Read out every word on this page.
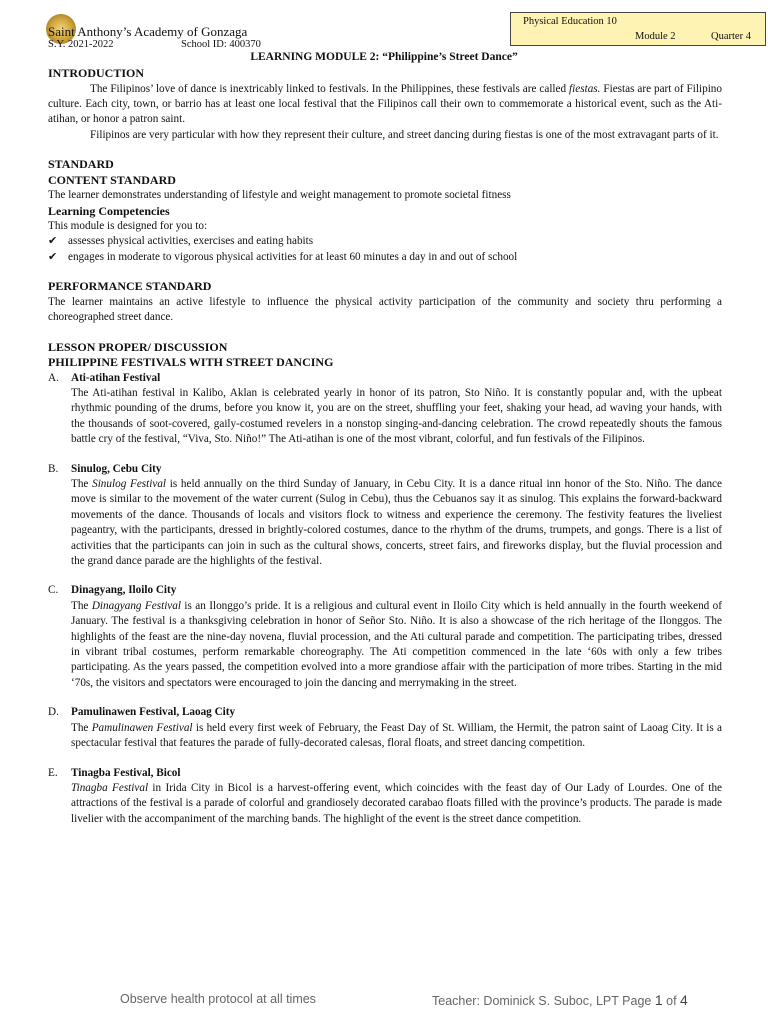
Saint Anthony’s Academy of Gonzaga
S.Y. 2021-2022	School ID: 400370
Physical Education 10
Module 2	Quarter 4
LEARNING MODULE 2: “Philippine’s Street Dance”

INTRODUCTION

The Filipinos’ love of dance is inextricably linked to festivals. In the Philippines, these festivals are called fiestas. Fiestas are part of Filipino culture. Each city, town, or barrio has at least one local festival that the Filipinos call their own to commemorate a historical event, such as the Ati-atihan, or honor a patron saint.

Filipinos are very particular with how they represent their culture, and street dancing during fiestas is one of the most extravagant parts of it.

STANDARD

CONTENT STANDARD

The learner demonstrates understanding of lifestyle and weight management to promote societal fitness

Learning Competencies

This module is designed for you to:

✔ assesses physical activities, exercises and eating habits
✔ engages in moderate to vigorous physical activities for at least 60 minutes a day in and out of school

PERFORMANCE STANDARD

The learner maintains an active lifestyle to influence the physical activity participation of the community and society thru performing a choreographed street dance.

LESSON PROPER/ DISCUSSION

PHILIPPINE FESTIVALS WITH STREET DANCING

A.	Ati-atihan Festival

The Ati-atihan festival in Kalibo, Aklan is celebrated yearly in honor of its patron, Sto Niño. It is constantly popular and, with the upbeat rhythmic pounding of the drums, before you know it, you are on the street, shuffling your feet, shaking your head, ad waving your hands, with the thousands of soot-covered, gaily-costumed revelers in a nonstop singing-and-dancing celebration. The crowd repeatedly shouts the famous battle cry of the festival, “Viva, Sto. Niño!” The Ati-atihan is one of the most vibrant, colorful, and fun festivals of the Filipinos.

B.	Sinulog, Cebu City

The Sinulog Festival is held annually on the third Sunday of January, in Cebu City. It is a dance ritual inn honor of the Sto. Niño. The dance move is similar to the movement of the water current (Sulog in Cebu), thus the Cebuanos say it as sinulog. This explains the forward-backward movements of the dance. Thousands of locals and visitors flock to witness and experience the ceremony. The festivity features the liveliest pageantry, with the participants, dressed in brightly-colored costumes, dance to the rhythm of the drums, trumpets, and gongs. There is a list of activities that the participants can join in such as the cultural shows, concerts, street fairs, and fireworks display, but the fluvial procession and the grand dance parade are the highlights of the festival.

C.	Dinagyang, Iloilo City

The Dinagyang Festival is an Ilonggo’s pride. It is a religious and cultural event in Iloilo City which is held annually in the fourth weekend of January. The festival is a thanksgiving celebration in honor of Señor Sto. Niño. It is also a showcase of the rich heritage of the Ilonggos. The highlights of the feast are the nine-day novena, fluvial procession, and the Ati cultural parade and competition. The participating tribes, dressed in vibrant tribal costumes, perform remarkable choreography. The Ati competition commenced in the late ‘60s with only a few tribes participating. As the years passed, the competition evolved into a more grandiose affair with the participation of more tribes. Starting in the mid ‘70s, the visitors and spectators were encouraged to join the dancing and merrymaking in the street.

D.	Pamulinawen Festival, Laoag City

The Pamulinawen Festival is held every first week of February, the Feast Day of St. William, the Hermit, the patron saint of Laoag City. It is a spectacular festival that features the parade of fully-decorated calesas, floral floats, and street dancing competition.

E.	Tinagba Festival, Bicol

Tinagba Festival in Irida City in Bicol is a harvest-offering event, which coincides with the feast day of Our Lady of Lourdes. One of the attractions of the festival is a parade of colorful and grandiosely decorated carabao floats filled with the province’s products. The parade is made livelier with the accompaniment of the marching bands. The highlight of the event is the street dance competition.

Observe health protocol at all times	Teacher: Dominick S. Suboc, LPT Page 1 of 4
